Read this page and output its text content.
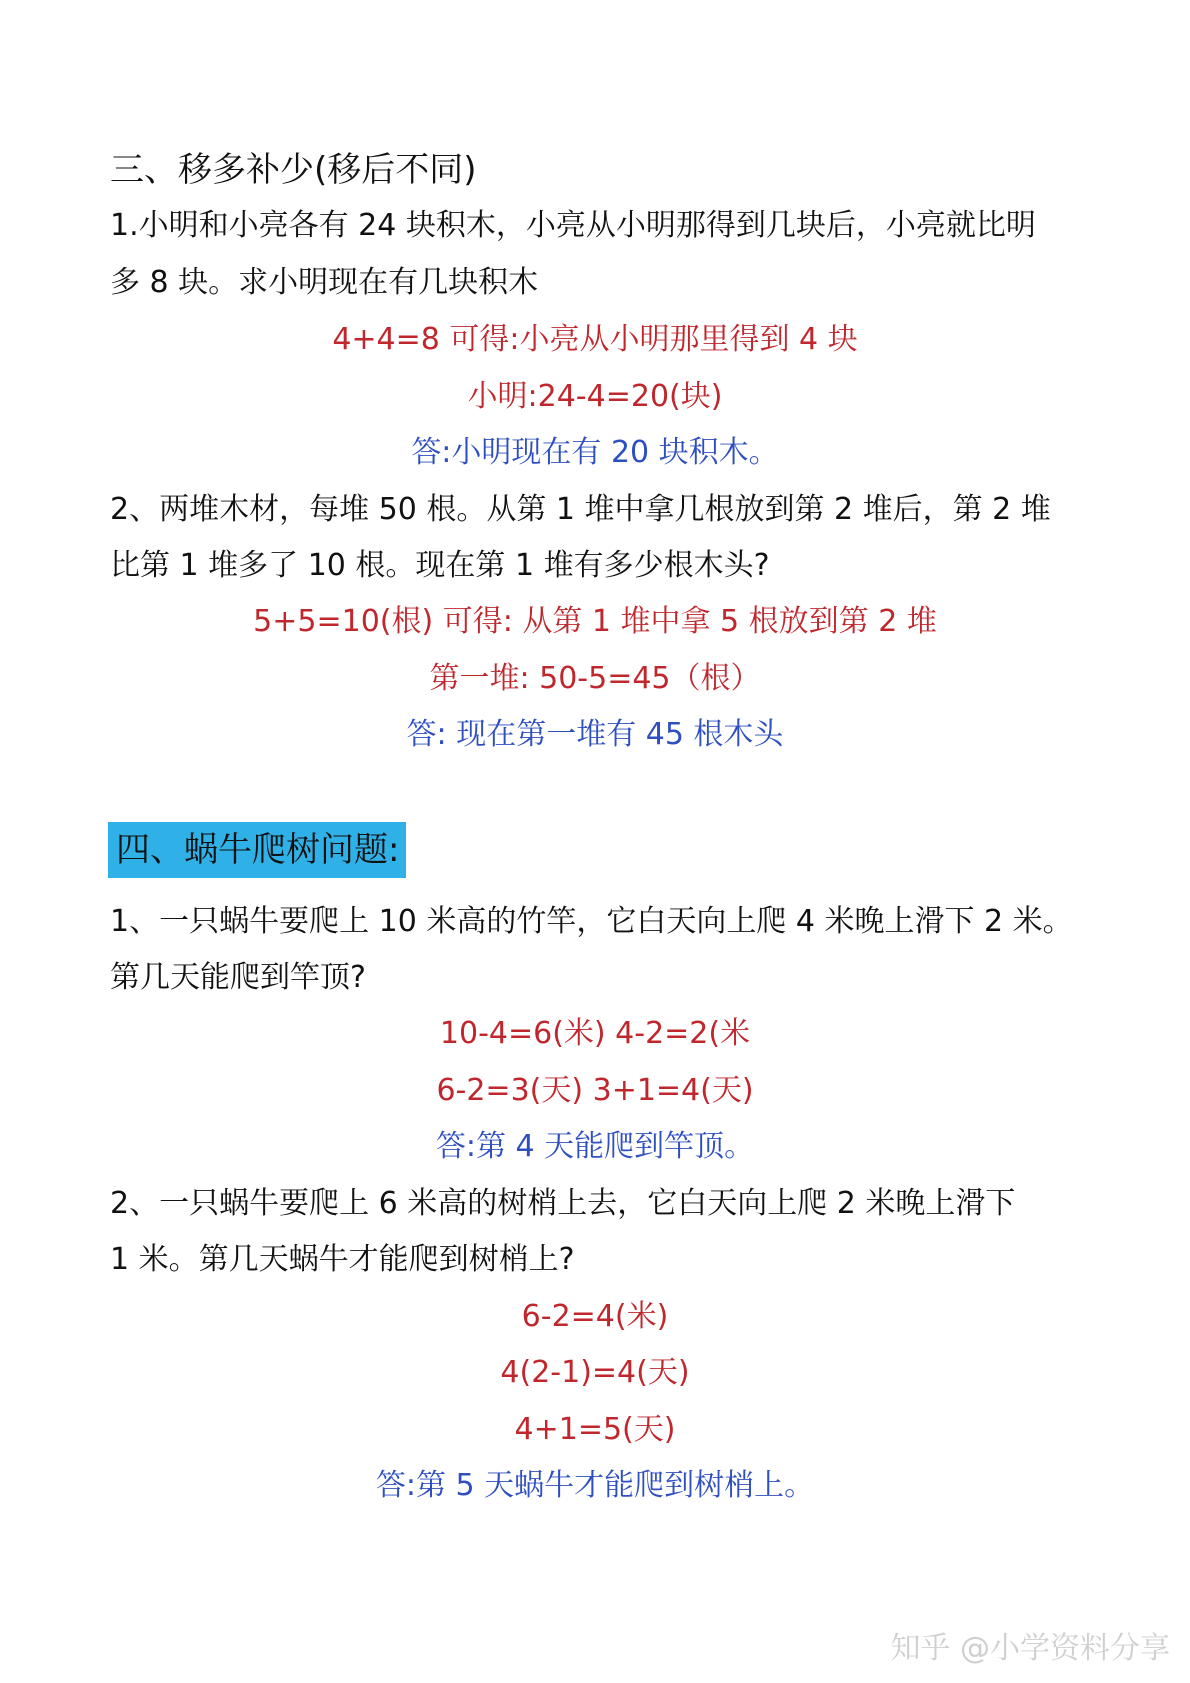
三、移多补少(移后不同)
1.小明和小亮各有 24 块积木，小亮从小明那得到几块后，小亮就比明
多 8 块。求小明现在有几块积木
4+4=8 可得:小亮从小明那里得到 4 块
小明:24-4=20(块)
答:小明现在有 20 块积木。
2、两堆木材，每堆 50 根。从第 1 堆中拿几根放到第 2 堆后，第 2 堆
比第 1 堆多了 10 根。现在第 1 堆有多少根木头?
5+5=10(根) 可得: 从第 1 堆中拿 5 根放到第 2 堆
第一堆: 50-5=45（根）
答: 现在第一堆有 45 根木头
四、蜗牛爬树问题:
1、一只蜗牛要爬上 10 米高的竹竿，它白天向上爬 4 米晚上滑下 2 米。
第几天能爬到竿顶?
10-4=6(米) 4-2=2(米
6-2=3(天) 3+1=4(天)
答:第 4 天能爬到竿顶。
2、一只蜗牛要爬上 6 米高的树梢上去，它白天向上爬 2 米晚上滑下
1 米。第几天蜗牛才能爬到树梢上?
6-2=4(米)
4(2-1)=4(天)
4+1=5(天)
答:第 5 天蜗牛才能爬到树梢上。
知乎 @小学资料分享
